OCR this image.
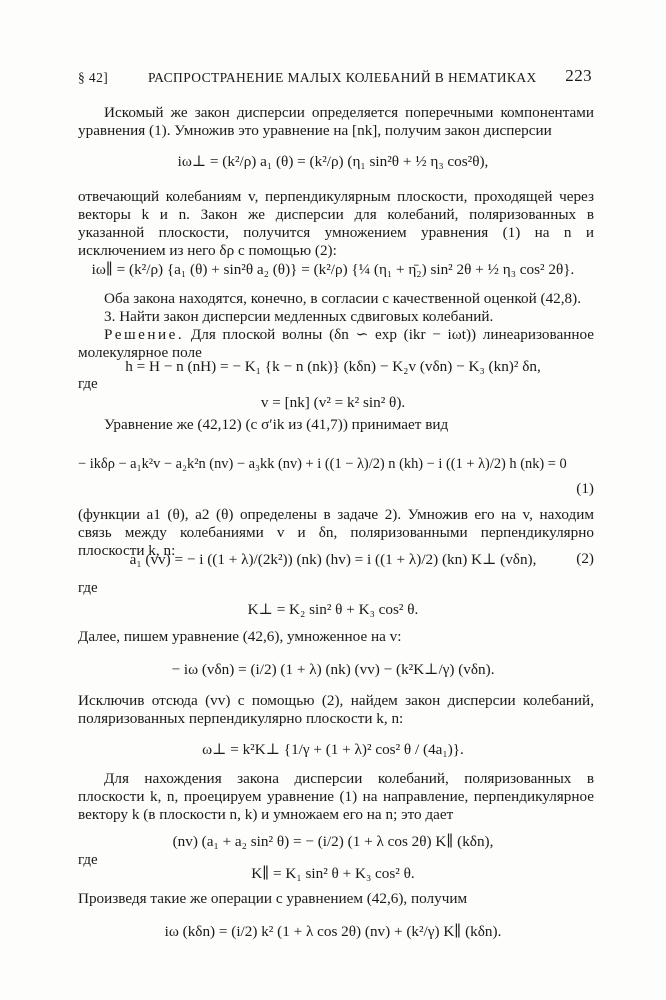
§ 42]	РАСПРОСТРАНЕНИЕ МАЛЫХ КОЛЕБАНИЙ В НЕМАТИКАХ 223
Искомый же закон дисперсии определяется поперечными компонентами уравнения (1). Умножив это уравнение на [nk], получим закон дисперсии
iω⊥ = (k²/ρ) a₁ (θ) = (k²/ρ) (η₁ sin²θ + ½ η₃ cos²θ),
отвечающий колебаниям v, перпендикулярным плоскости, проходящей через векторы k и n. Закон же дисперсии для колебаний, поляризованных в указанной плоскости, получится умножением уравнения (1) на n и исключением из него δρ с помощью (2):
iω∥ = (k²/ρ) {a₁ (θ) + sin²θ a₂ (θ)} = (k²/ρ) {¼ (η₁ + η̄₂) sin² 2θ + ½ η₃ cos² 2θ}.
Оба закона находятся, конечно, в согласии с качественной оценкой (42,8).
3. Найти закон дисперсии медленных сдвиговых колебаний.
Решение. Для плоской волны (δn ∽ exp (ikr − iωt)) линеаризованное молекулярное поле
h = H − n (nH) = − K₁ {k − n (nk)} (kδn) − K₂v (vδn) − K₃ (kn)² δn,
где
v = [nk] (v² = k² sin² θ).
Уравнение же (42,12) (с σ′ik из (41,7)) принимает вид
− ikδρ − a₁k²v − a₂k²n (nv) − a₃kk (nv) + i ((1 − λ)/2) n (kh) − i ((1 + λ)/2) h (nk) = 0
(1)
(функции a1 (θ), a2 (θ) определены в задаче 2). Умножив его на v, находим связь между колебаниями v и δn, поляризованными перпендикулярно плоскости k, n:
a₁ (vv) = − i ((1 + λ)/(2k²)) (nk) (hv) = i ((1 + λ)/2) (kn) K⊥ (vδn),	(2)
где
K⊥ = K₂ sin² θ + K₃ cos² θ.
Далее, пишем уравнение (42,6), умноженное на v:
− iω (vδn) = (i/2) (1 + λ) (nk) (vv) − (k²K⊥/γ) (vδn).
Исключив отсюда (vv) с помощью (2), найдем закон дисперсии колебаний, поляризованных перпендикулярно плоскости k, n:
ω⊥ = k²K⊥ {1/γ + (1 + λ)² cos² θ / (4a₁)}.
Для нахождения закона дисперсии колебаний, поляризованных в плоскости k, n, проецируем уравнение (1) на направление, перпендикулярное вектору k (в плоскости n, k) и умножаем его на n; это дает
(nv) (a₁ + a₂ sin² θ) = − (i/2) (1 + λ cos 2θ) K∥ (kδn),
где
K∥ = K₁ sin² θ + K₃ cos² θ.
Произведя такие же операции с уравнением (42,6), получим
iω (kδn) = (i/2) k² (1 + λ cos 2θ) (nv) + (k²/γ) K∥ (kδn).
